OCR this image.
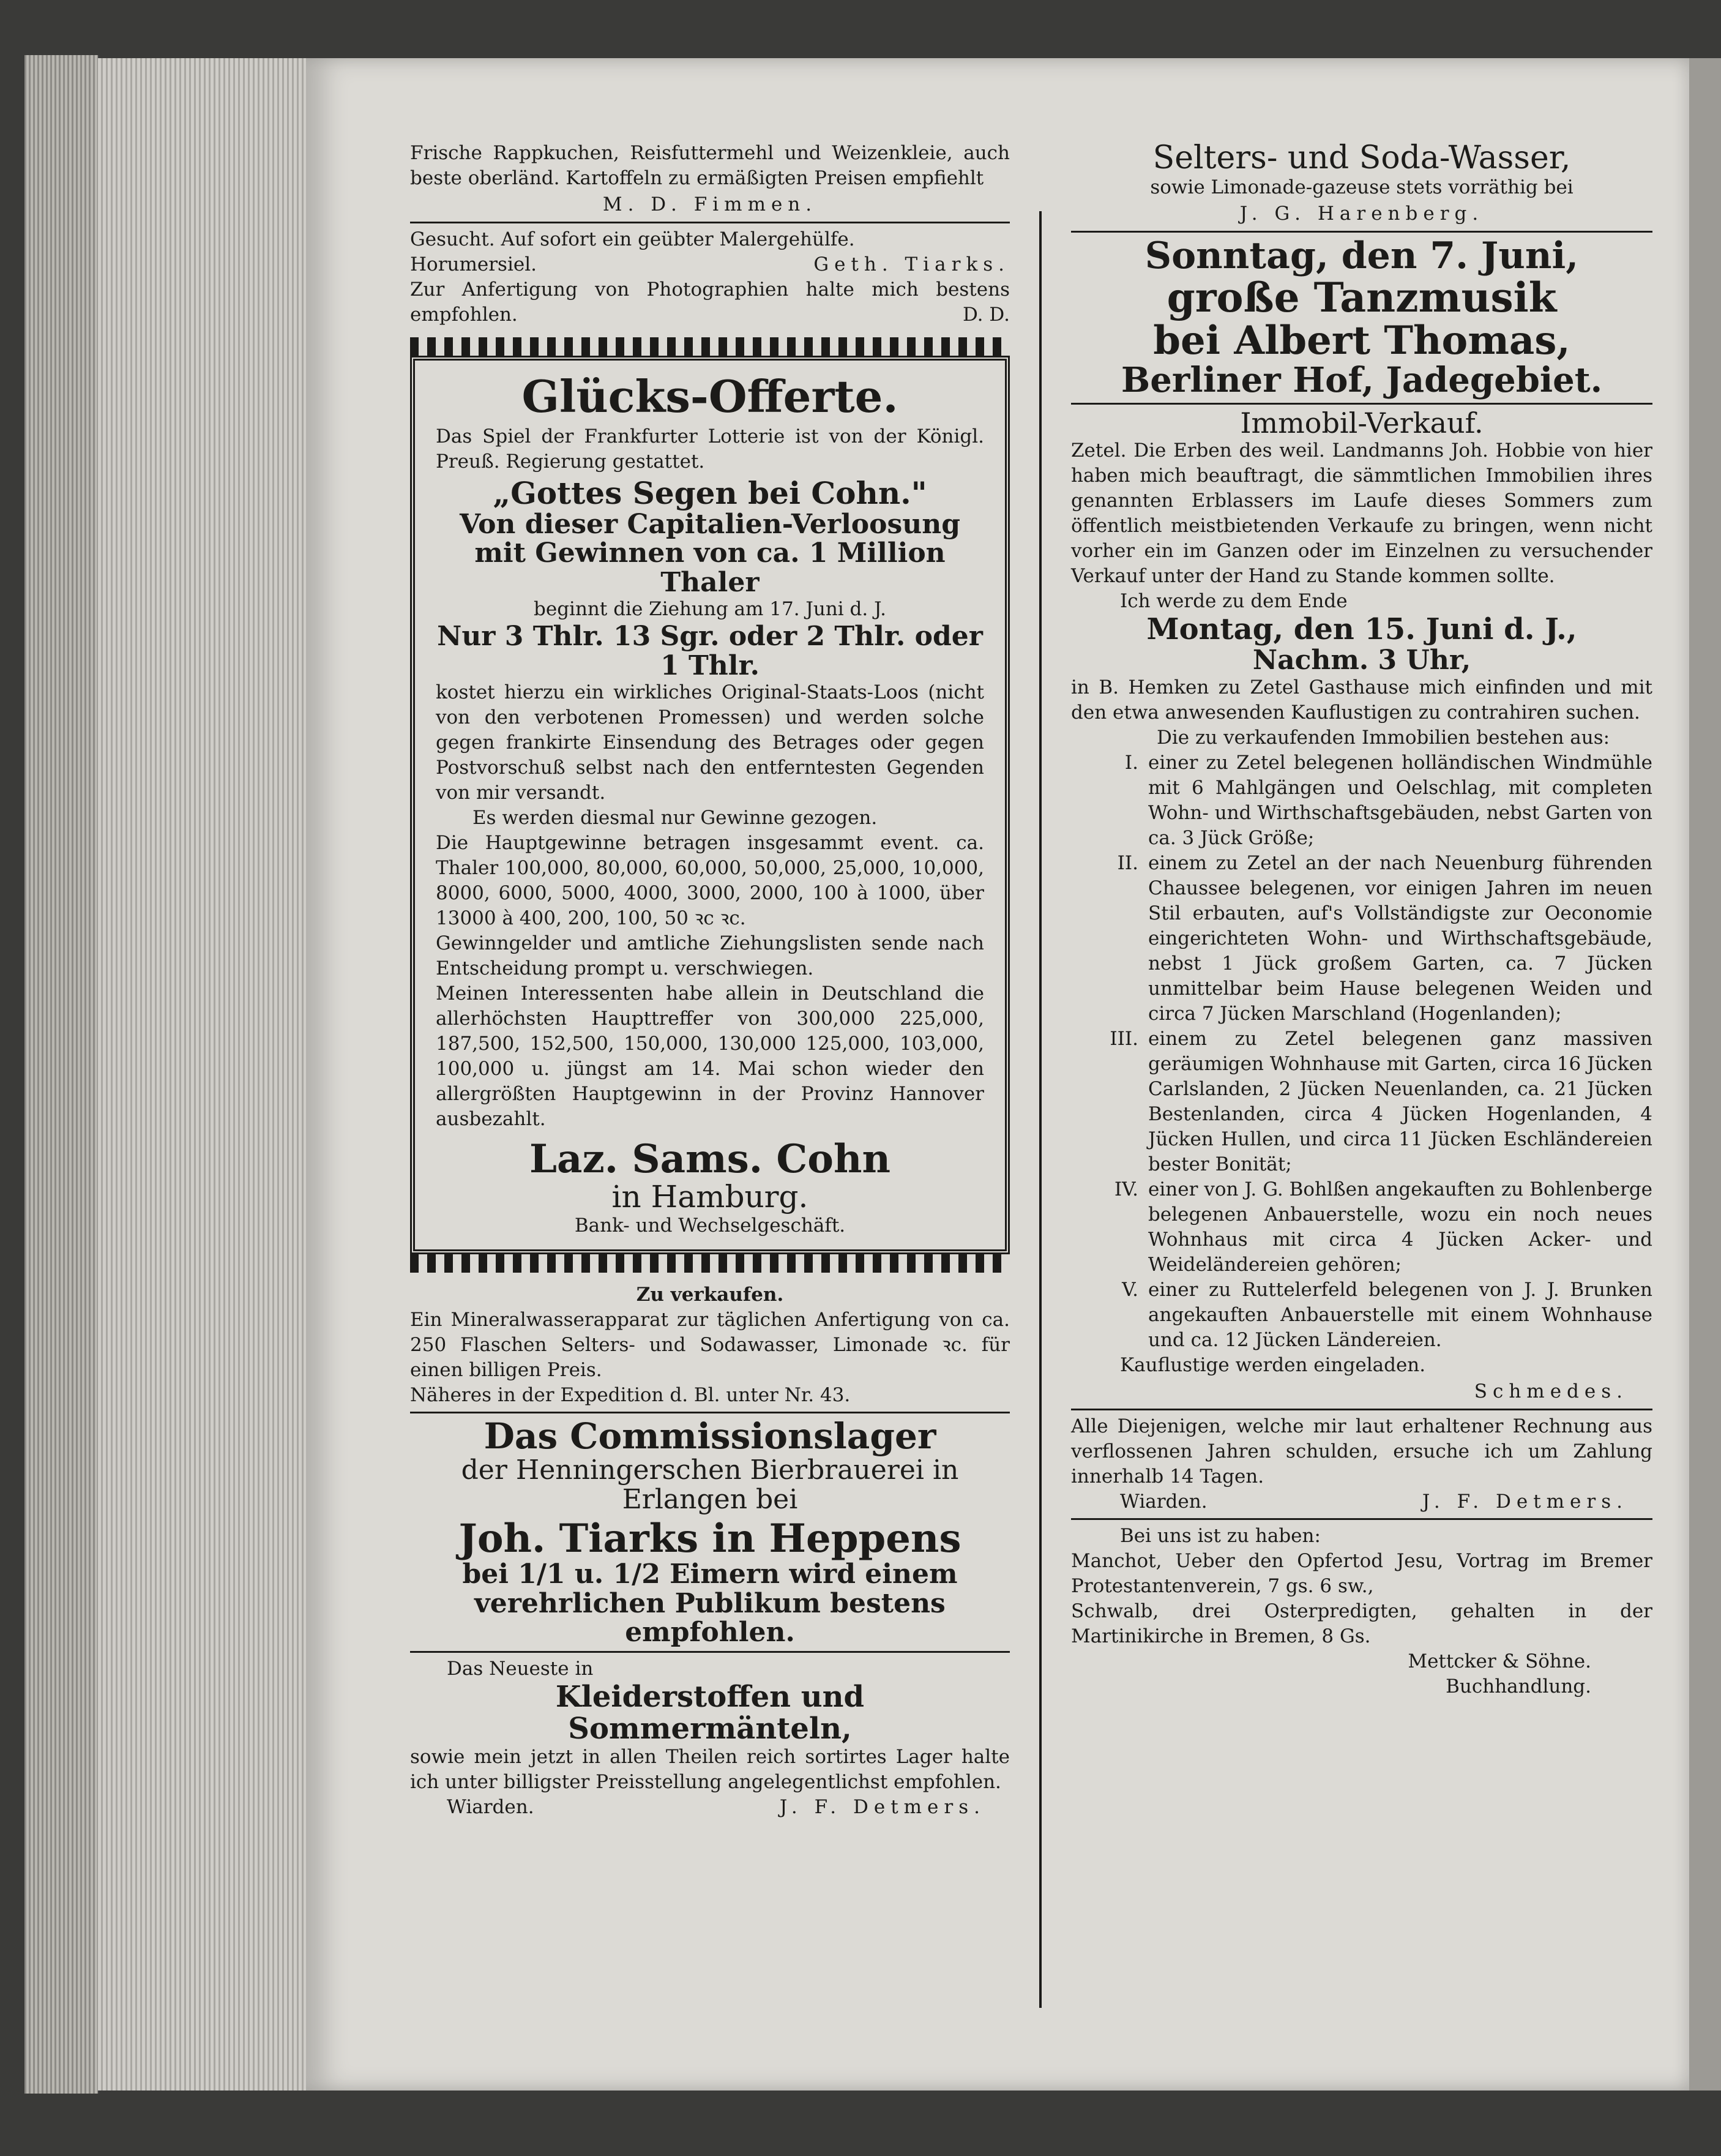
Frische Rappkuchen, Reisfuttermehl und Weizenkleie, auch beste oberländ. Kartoffeln zu ermäßigten Preisen empfiehlt

M. D. Fimmen.

Gesucht. Auf sofort ein geübter Malergehülfe.

Horumersiel.	Geth. Tiarks.

Zur Anfertigung von Photographien halte mich bestens empfohlen.	D. D.

Glücks-Offerte.

Das Spiel der Frankfurter Lotterie ist von der Königl. Preuß. Regierung gestattet.

„Gottes Segen bei Cohn."

Von dieser Capitalien-Verloosung mit Gewinnen von ca. 1 Million Thaler

beginnt die Ziehung am 17. Juni d. J.

Nur 3 Thlr. 13 Sgr. oder 2 Thlr. oder 1 Thlr.

kostet hierzu ein wirkliches Original-Staats-Loos (nicht von den verbotenen Promessen) und werden solche gegen frankirte Einsendung des Betrages oder gegen Postvorschuß selbst nach den entferntesten Gegenden von mir versandt.

Es werden diesmal nur Gewinne gezogen.

Die Hauptgewinne betragen insgesammt event. ca. Thaler 100,000, 80,000, 60,000, 50,000, 25,000, 10,000, 8000, 6000, 5000, 4000, 3000, 2000, 100 à 1000, über 13000 à 400, 200, 100, 50 ꝛc ꝛc.

Gewinngelder und amtliche Ziehungslisten sende nach Entscheidung prompt u. verschwiegen.

Meinen Interessenten habe allein in Deutschland die allerhöchsten Haupttreffer von 300,000 225,000, 187,500, 152,500, 150,000, 130,000 125,000, 103,000, 100,000 u. jüngst am 14. Mai schon wieder den allergrößten Hauptgewinn in der Provinz Hannover ausbezahlt.

Laz. Sams. Cohn

in Hamburg.

Bank- und Wechselgeschäft.

Zu verkaufen.

Ein Mineralwasserapparat zur täglichen Anfertigung von ca. 250 Flaschen Selters- und Sodawasser, Limonade ꝛc. für einen billigen Preis.

Näheres in der Expedition d. Bl. unter Nr. 43.

Das Commissionslager

der Henningerschen Bierbrauerei in Erlangen bei

Joh. Tiarks in Heppens

bei 1/1 u. 1/2 Eimern wird einem verehrlichen Publikum bestens empfohlen.

Das Neueste in

Kleiderstoffen und Sommermänteln,

sowie mein jetzt in allen Theilen reich sortirtes Lager halte ich unter billigster Preisstellung angelegentlichst empfohlen.

Wiarden.	J. F. Detmers.

Selters- und Soda-Wasser,

sowie Limonade-gazeuse stets vorräthig bei

J. G. Harenberg.

Sonntag, den 7. Juni,

große Tanzmusik

bei Albert Thomas,

Berliner Hof, Jadegebiet.

Immobil-Verkauf.

Zetel. Die Erben des weil. Landmanns Joh. Hobbie von hier haben mich beauftragt, die sämmtlichen Immobilien ihres genannten Erblassers im Laufe dieses Sommers zum öffentlich meistbietenden Verkaufe zu bringen, wenn nicht vorher ein im Ganzen oder im Einzelnen zu versuchender Verkauf unter der Hand zu Stande kommen sollte.

Ich werde zu dem Ende

Montag, den 15. Juni d. J.,

Nachm. 3 Uhr,

in B. Hemken zu Zetel Gasthause mich einfinden und mit den etwa anwesenden Kauflustigen zu contrahiren suchen.

Die zu verkaufenden Immobilien bestehen aus:

I. einer zu Zetel belegenen holländischen Windmühle mit 6 Mahlgängen und Oelschlag, mit completen Wohn- und Wirthschaftsgebäuden, nebst Garten von ca. 3 Jück Größe;
II. einem zu Zetel an der nach Neuenburg führenden Chaussee belegenen, vor einigen Jahren im neuen Stil erbauten, auf's Vollständigste zur Oeconomie eingerichteten Wohn- und Wirthschaftsgebäude, nebst 1 Jück großem Garten, ca. 7 Jücken unmittelbar beim Hause belegenen Weiden und circa 7 Jücken Marschland (Hogenlanden);
III. einem zu Zetel belegenen ganz massiven geräumigen Wohnhause mit Garten, circa 16 Jücken Carlslanden, 2 Jücken Neuenlanden, ca. 21 Jücken Bestenlanden, circa 4 Jücken Hogenlanden, 4 Jücken Hullen, und circa 11 Jücken Eschländereien bester Bonität;
IV. einer von J. G. Bohlßen angekauften zu Bohlenberge belegenen Anbauerstelle, wozu ein noch neues Wohnhaus mit circa 4 Jücken Acker- und Weideländereien gehören;
V. einer zu Ruttelerfeld belegenen von J. J. Brunken angekauften Anbauerstelle mit einem Wohnhause und ca. 12 Jücken Ländereien.

Kauflustige werden eingeladen.

Schmedes.

Alle Diejenigen, welche mir laut erhaltener Rechnung aus verflossenen Jahren schulden, ersuche ich um Zahlung innerhalb 14 Tagen.

Wiarden.	J. F. Detmers.

Bei uns ist zu haben:

Manchot, Ueber den Opfertod Jesu, Vortrag im Bremer Protestantenverein, 7 gs. 6 sw.,

Schwalb, drei Osterpredigten, gehalten in der Martinikirche in Bremen, 8 Gs.

Mettcker & Söhne.

Buchhandlung.
